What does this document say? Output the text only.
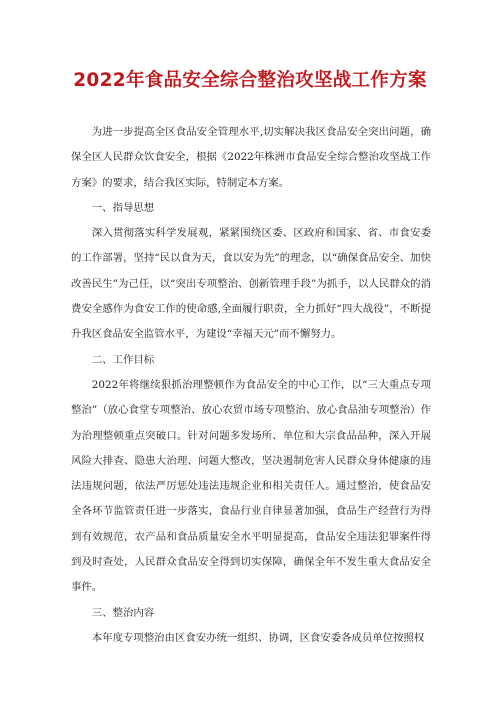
2022年食品安全综合整治攻坚战工作方案

为进一步提高全区食品安全管理水平,切实解决我区食品安全突出问题，确保全区人民群众饮食安全，根据《2022年株洲市食品安全综合整治攻坚战工作方案》的要求，结合我区实际，特制定本方案。

一、指导思想

深入贯彻落实科学发展观，紧紧围绕区委、区政府和国家、省、市食安委的工作部署，坚持“民以食为天，食以安为先”的理念，以“确保食品安全、加快改善民生”为己任，以“突出专项整治、创新管理手段”为抓手，以人民群众的消费安全感作为食安工作的使命感,全面履行职责，全力抓好“四大战役”，不断提升我区食品安全监管水平，为建设“幸福天元”而不懈努力。

二、工作目标

2022年将继续狠抓治理整顿作为食品安全的中心工作，以“三大重点专项整治”（放心食堂专项整治、放心农贸市场专项整治、放心食品油专项整治）作为治理整顿重点突破口。针对问题多发场所、单位和大宗食品品种，深入开展风险大排查、隐患大治理、问题大整改，坚决遏制危害人民群众身体健康的违法违规问题，依法严厉惩处违法违规企业和相关责任人。通过整治，使食品安全各环节监管责任进一步落实，食品行业自律显著加强，食品生产经营行为得到有效规范，农产品和食品质量安全水平明显提高，食品安全违法犯罪案件得到及时查处，人民群众食品安全得到切实保障，确保全年不发生重大食品安全事件。

三、整治内容

本年度专项整治由区食安办统一组织、协调，区食安委各成员单位按照权
